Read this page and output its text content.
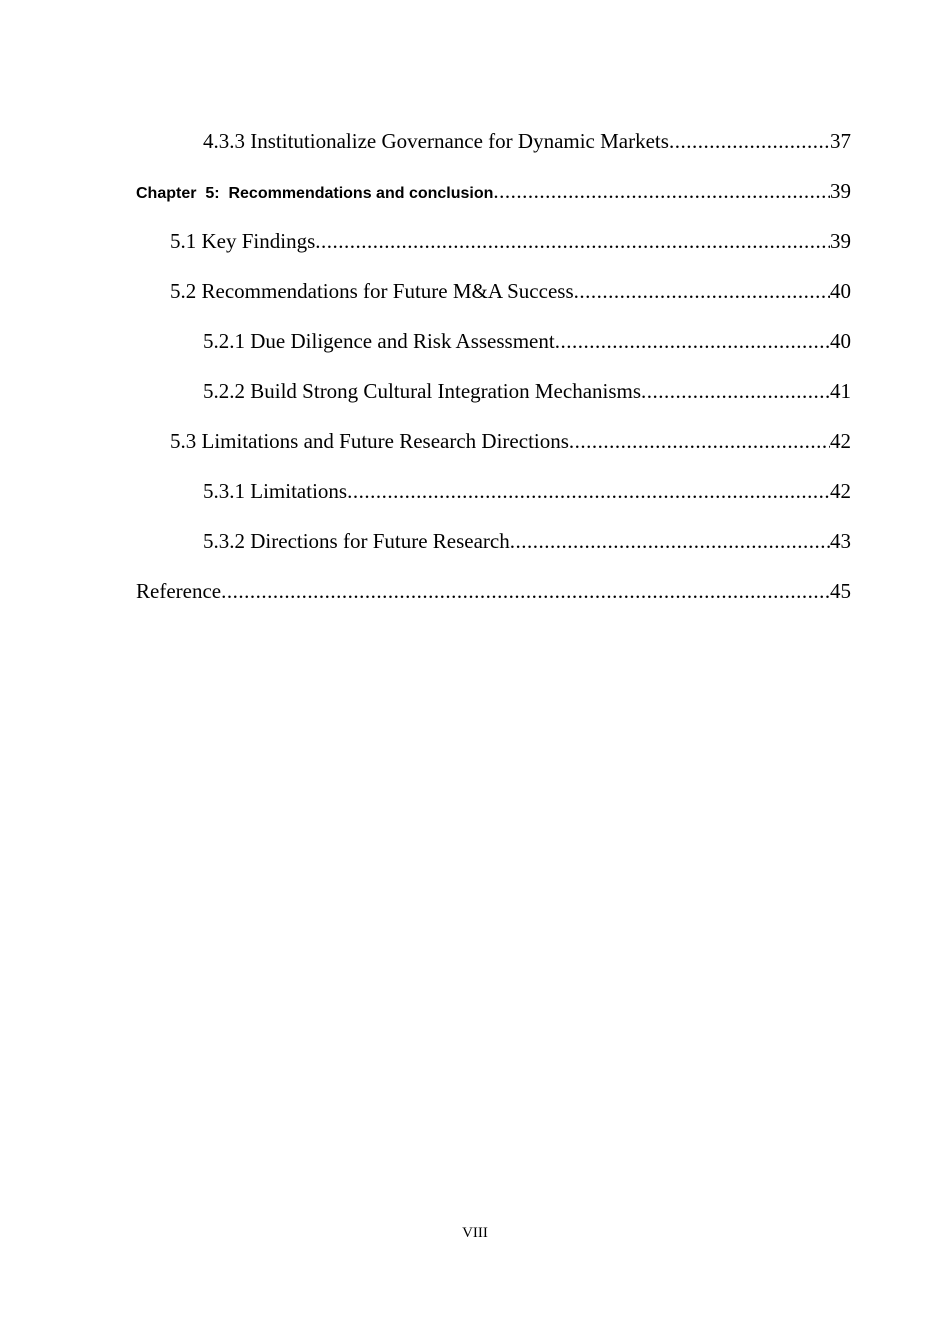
4.3.3 Institutionalize Governance for Dynamic Markets .....	37
Chapter  5:  Recommendations and conclusion .....	39
5.1 Key Findings .....	39
5.2 Recommendations for Future M&A Success .....	40
5.2.1 Due Diligence and Risk Assessment .....	40
5.2.2 Build Strong Cultural Integration Mechanisms .....	41
5.3 Limitations and Future Research Directions .....	42
5.3.1 Limitations .....	42
5.3.2 Directions for Future Research .....	43
Reference .....	45
VIII
